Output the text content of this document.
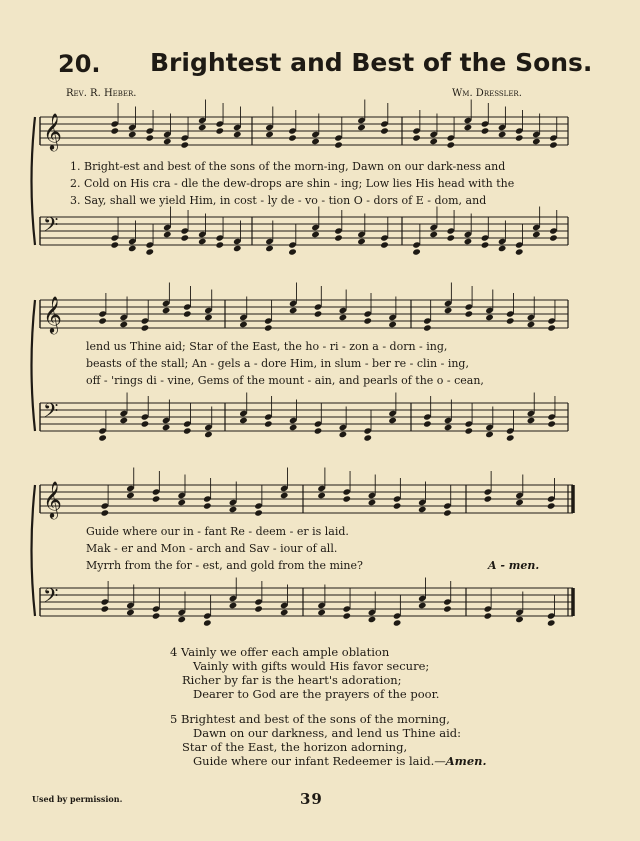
20. Brightest and Best of the Sons.
Rev. R. Heber.	Wm. Dressler.
𝄞
𝄢
𝄞
𝄢
𝄞
𝄢
1. Bright-est and best of the sons of the morn-ing, Dawn on our dark-ness and
2. Cold on His cra - dle the dew-drops are shin - ing; Low lies His head with the
3. Say, shall we yield Him, in cost - ly de - vo - tion O - dors of E - dom, and
lend us Thine aid; Star of the East, the ho - ri - zon a - dorn - ing,
beasts of the stall; An - gels a - dore Him, in slum - ber re - clin - ing,
off - 'rings di - vine, Gems of the mount - ain, and pearls of the o - cean,
Guide where our in - fant Re - deem - er is laid.
Mak - er and Mon - arch and Sav - iour of all.
Myrrh from the for - est, and gold from the mine?	A - men.
4 Vainly we offer each ample oblation
Vainly with gifts would His favor secure;
Richer by far is the heart's adoration;
Dearer to God are the prayers of the poor.
5 Brightest and best of the sons of the morning,
Dawn on our darkness, and lend us Thine aid:
Star of the East, the horizon adorning,
Guide where our infant Redeemer is laid.—Amen.
Used by permission.	39
